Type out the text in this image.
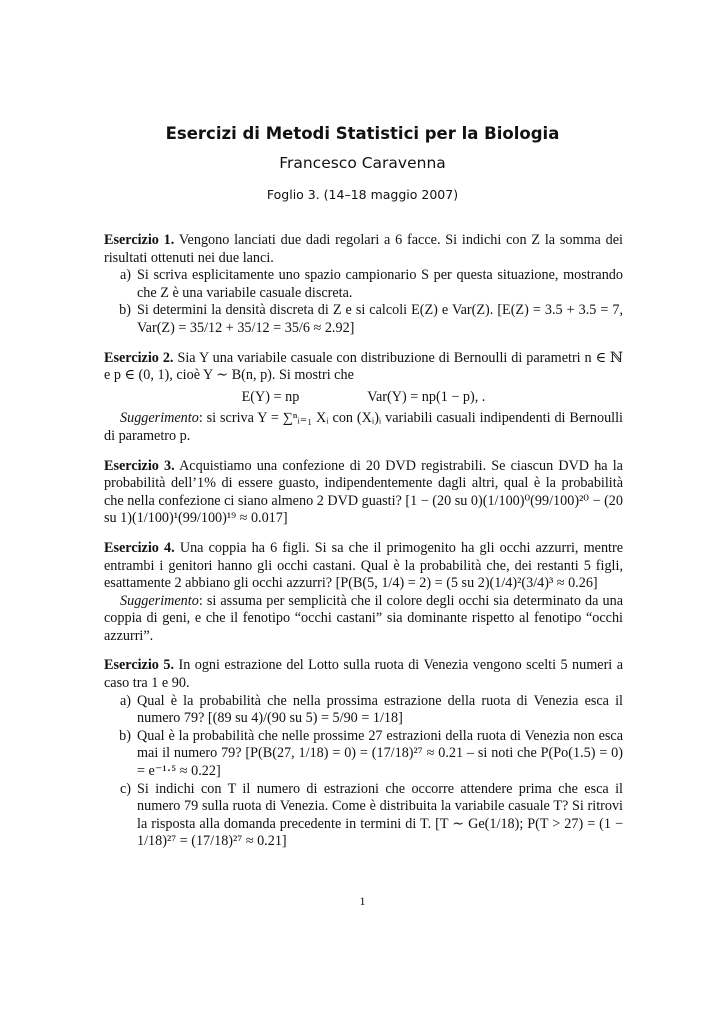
Esercizi di Metodi Statistici per la Biologia

Francesco Caravenna

Foglio 3. (14–18 maggio 2007)

Esercizio 1. Vengono lanciati due dadi regolari a 6 facce. Si indichi con Z la somma dei risultati ottenuti nei due lanci.

a) Si scriva esplicitamente uno spazio campionario S per questa situazione, mostrando che Z è una variabile casuale discreta.
b) Si determini la densità discreta di Z e si calcoli E(Z) e Var(Z). [E(Z) = 3.5 + 3.5 = 7, Var(Z) = 35/12 + 35/12 = 35/6 ≈ 2.92]

Esercizio 2. Sia Y una variabile casuale con distribuzione di Bernoulli di parametri n ∈ ℕ e p ∈ (0, 1), cioè Y ∼ B(n, p). Si mostri che

E(Y) = np	Var(Y) = np(1 − p), .

Suggerimento: si scriva Y = ∑ⁿᵢ₌₁ Xᵢ con (Xᵢ)ᵢ variabili casuali indipendenti di Bernoulli di parametro p.

Esercizio 3. Acquistiamo una confezione di 20 DVD registrabili. Se ciascun DVD ha la probabilità dell’1% di essere guasto, indipendentemente dagli altri, qual è la probabilità che nella confezione ci siano almeno 2 DVD guasti? [1 − (20 su 0)(1/100)⁰(99/100)²⁰ − (20 su 1)(1/100)¹(99/100)¹⁹ ≈ 0.017]

Esercizio 4. Una coppia ha 6 figli. Si sa che il primogenito ha gli occhi azzurri, mentre entrambi i genitori hanno gli occhi castani. Qual è la probabilità che, dei restanti 5 figli, esattamente 2 abbiano gli occhi azzurri? [P(B(5, 1/4) = 2) = (5 su 2)(1/4)²(3/4)³ ≈ 0.26]

Suggerimento: si assuma per semplicità che il colore degli occhi sia determinato da una coppia di geni, e che il fenotipo “occhi castani” sia dominante rispetto al fenotipo “occhi azzurri”.

Esercizio 5. In ogni estrazione del Lotto sulla ruota di Venezia vengono scelti 5 numeri a caso tra 1 e 90.

a) Qual è la probabilità che nella prossima estrazione della ruota di Venezia esca il numero 79? [(89 su 4)/(90 su 5) = 5/90 = 1/18]
b) Qual è la probabilità che nelle prossime 27 estrazioni della ruota di Venezia non esca mai il numero 79? [P(B(27, 1/18) = 0) = (17/18)²⁷ ≈ 0.21 – si noti che P(Po(1.5) = 0) = e⁻¹·⁵ ≈ 0.22]
c) Si indichi con T il numero di estrazioni che occorre attendere prima che esca il numero 79 sulla ruota di Venezia. Come è distribuita la variabile casuale T? Si ritrovi la risposta alla domanda precedente in termini di T. [T ∼ Ge(1/18); P(T > 27) = (1 − 1/18)²⁷ = (17/18)²⁷ ≈ 0.21]
1
